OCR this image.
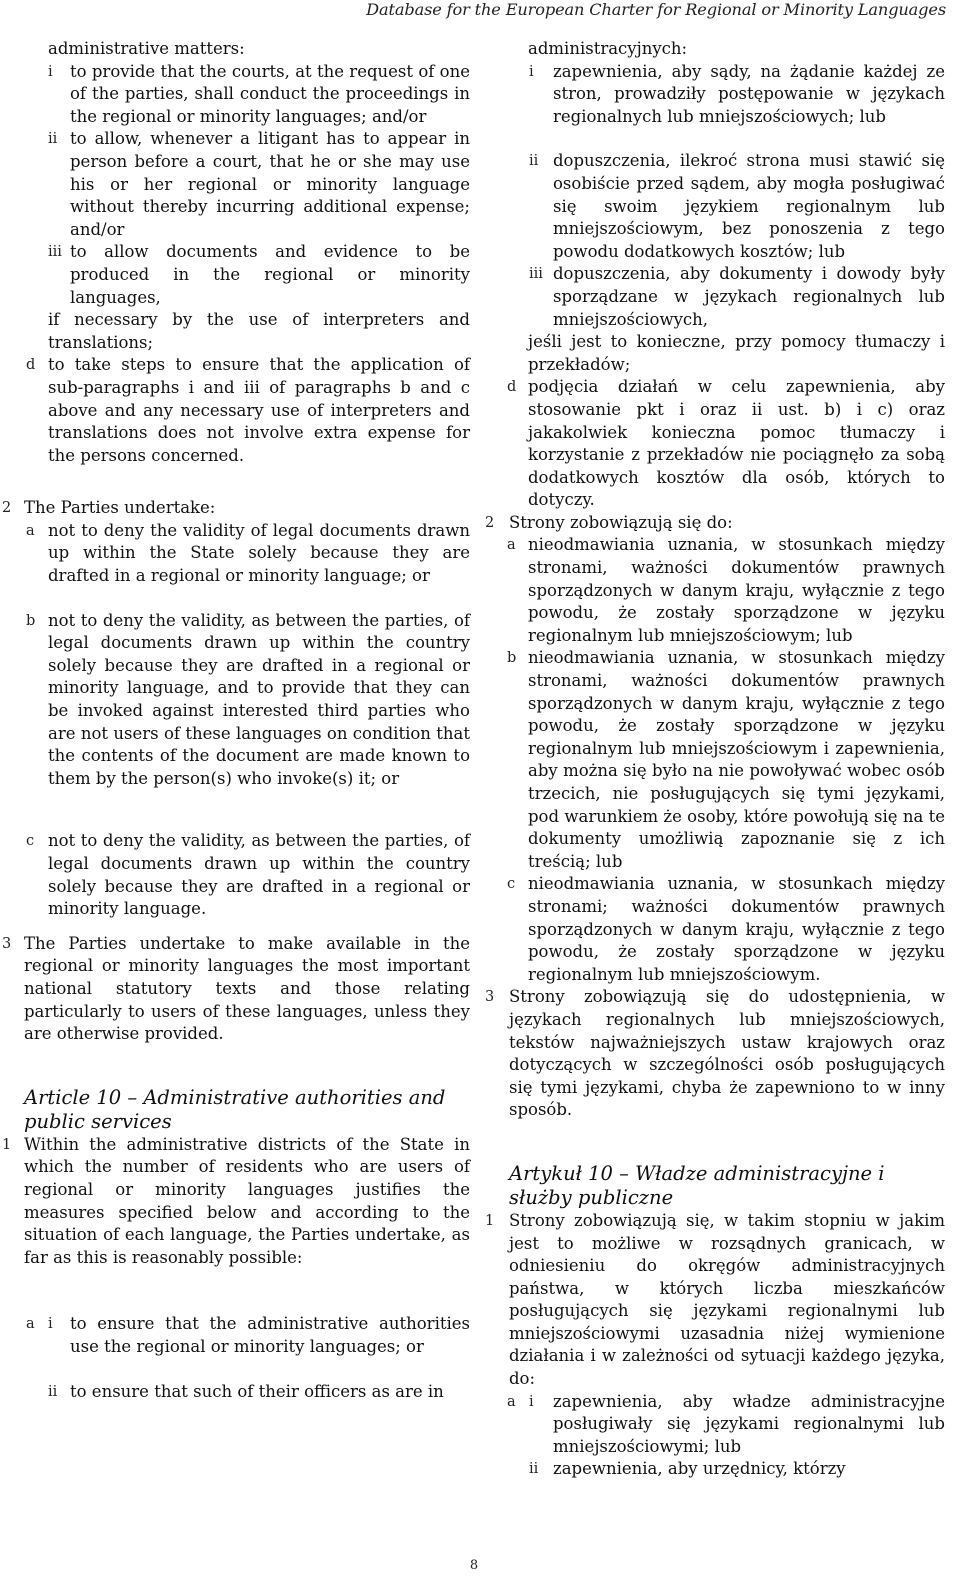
Database for the European Charter for Regional or Minority Languages
administrative matters:
i to provide that the courts, at the request of one of the parties, shall conduct the proceedings in the regional or minority languages; and/or
ii to allow, whenever a litigant has to appear in person before a court, that he or she may use his or her regional or minority language without thereby incurring additional expense; and/or
iii to allow documents and evidence to be produced in the regional or minority languages,
if necessary by the use of interpreters and translations;
d to take steps to ensure that the application of sub-paragraphs i and iii of paragraphs b and c above and any necessary use of interpreters and translations does not involve extra expense for the persons concerned.
2 The Parties undertake:
a not to deny the validity of legal documents drawn up within the State solely because they are drafted in a regional or minority language; or
b not to deny the validity, as between the parties, of legal documents drawn up within the country solely because they are drafted in a regional or minority language, and to provide that they can be invoked against interested third parties who are not users of these languages on condition that the contents of the document are made known to them by the person(s) who invoke(s) it; or
c not to deny the validity, as between the parties, of legal documents drawn up within the country solely because they are drafted in a regional or minority language.
3 The Parties undertake to make available in the regional or minority languages the most important national statutory texts and those relating particularly to users of these languages, unless they are otherwise provided.

Article 10 – Administrative authorities and public services

1 Within the administrative districts of the State in which the number of residents who are users of regional or minority languages justifies the measures specified below and according to the situation of each language, the Parties undertake, as far as this is reasonably possible:
a i to ensure that the administrative authorities use the regional or minority languages; or
ii to ensure that such of their officers as are in
administracyjnych:
i zapewnienia, aby sądy, na żądanie każdej ze stron, prowadziły postępowanie w językach regionalnych lub mniejszościowych; lub
ii dopuszczenia, ilekroć strona musi stawić się osobiście przed sądem, aby mogła posługiwać się swoim językiem regionalnym lub mniejszościowym, bez ponoszenia z tego powodu dodatkowych kosztów; lub
iii dopuszczenia, aby dokumenty i dowody były sporządzane w językach regionalnych lub mniejszościowych,
jeśli jest to konieczne, przy pomocy tłumaczy i przekładów;
d podjęcia działań w celu zapewnienia, aby stosowanie pkt i oraz ii ust. b) i c) oraz jakakolwiek konieczna pomoc tłumaczy i korzystanie z przekładów nie pociągnęło za sobą dodatkowych kosztów dla osób, których to dotyczy.
2 Strony zobowiązują się do:
a nieodmawiania uznania, w stosunkach między stronami, ważności dokumentów prawnych sporządzonych w danym kraju, wyłącznie z tego powodu, że zostały sporządzone w języku regionalnym lub mniejszościowym; lub
b nieodmawiania uznania, w stosunkach między stronami, ważności dokumentów prawnych sporządzonych w danym kraju, wyłącznie z tego powodu, że zostały sporządzone w języku regionalnym lub mniejszościowym i zapewnienia, aby można się było na nie powoływać wobec osób trzecich, nie posługujących się tymi językami, pod warunkiem że osoby, które powołują się na te dokumenty umożliwią zapoznanie się z ich treścią; lub
c nieodmawiania uznania, w stosunkach między stronami; ważności dokumentów prawnych sporządzonych w danym kraju, wyłącznie z tego powodu, że zostały sporządzone w języku regionalnym lub mniejszościowym.
3 Strony zobowiązują się do udostępnienia, w językach regionalnych lub mniejszościowych, tekstów najważniejszych ustaw krajowych oraz dotyczących w szczególności osób posługujących się tymi językami, chyba że zapewniono to w inny sposób.

Artykuł 10 – Władze administracyjne i służby publiczne

1 Strony zobowiązują się, w takim stopniu w jakim jest to możliwe w rozsądnych granicach, w odniesieniu do okręgów administracyjnych państwa, w których liczba mieszkańców posługujących się językami regionalnymi lub mniejszościowymi uzasadnia niżej wymienione działania i w zależności od sytuacji każdego języka, do:
a i zapewnienia, aby władze administracyjne posługiwały się językami regionalnymi lub mniejszościowymi; lub
ii zapewnienia, aby urzędnicy, którzy
8
